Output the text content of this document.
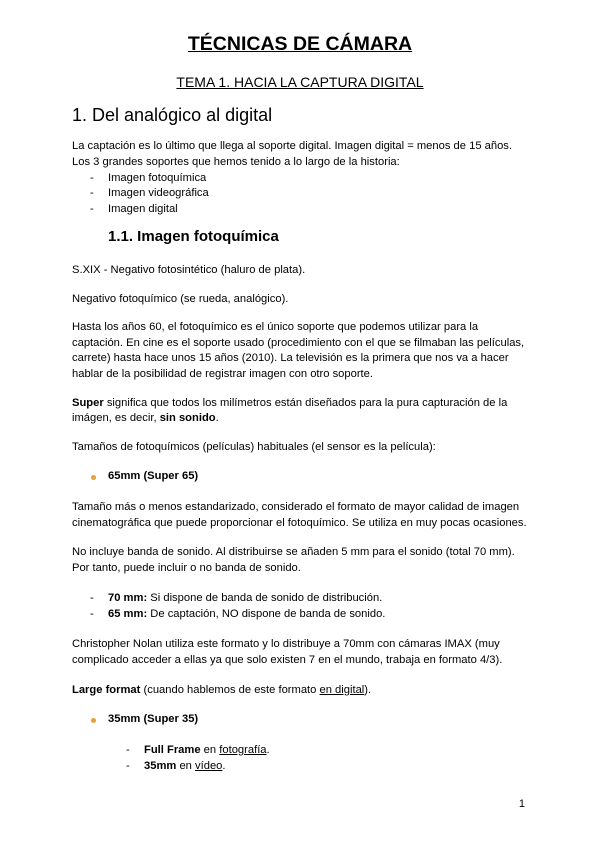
TÉCNICAS DE CÁMARA
TEMA 1. HACIA LA CAPTURA DIGITAL
1. Del analógico al digital
La captación es lo último que llega al soporte digital. Imagen digital = menos de 15 años.
Los 3 grandes soportes que hemos tenido a lo largo de la historia:
- Imagen fotoquímica
- Imagen videográfica
- Imagen digital
1.1. Imagen fotoquímica
S.XIX - Negativo fotosintético (haluro de plata).
Negativo fotoquímico (se rueda, analógico).
Hasta los años 60, el fotoquímico es el único soporte que podemos utilizar para la
captación. En cine es el soporte usado (procedimiento con el que se filmaban las películas,
carrete) hasta hace unos 15 años (2010). La televisión es la primera que nos va a hacer
hablar de la posibilidad de registrar imagen con otro soporte.
Super significa que todos los milímetros están diseñados para la pura capturación de la
imágen, es decir, sin sonido.
Tamaños de fotoquímicos (películas) habituales (el sensor es la película):
65mm (Super 65)
Tamaño más o menos estandarizado, considerado el formato de mayor calidad de imagen
cinematográfica que puede proporcionar el fotoquímico. Se utiliza en muy pocas ocasiones.
No incluye banda de sonido. Al distribuirse se añaden 5 mm para el sonido (total 70 mm).
Por tanto, puede incluir o no banda de sonido.
- 70 mm: Si dispone de banda de sonido de distribución.
- 65 mm: De captación, NO dispone de banda de sonido.
Christopher Nolan utiliza este formato y lo distribuye a 70mm con cámaras IMAX (muy
complicado acceder a ellas ya que solo existen 7 en el mundo, trabaja en formato 4/3).
Large format (cuando hablemos de este formato en digital).
35mm (Super 35)
- Full Frame en fotografía.
- 35mm en vídeo.
1
